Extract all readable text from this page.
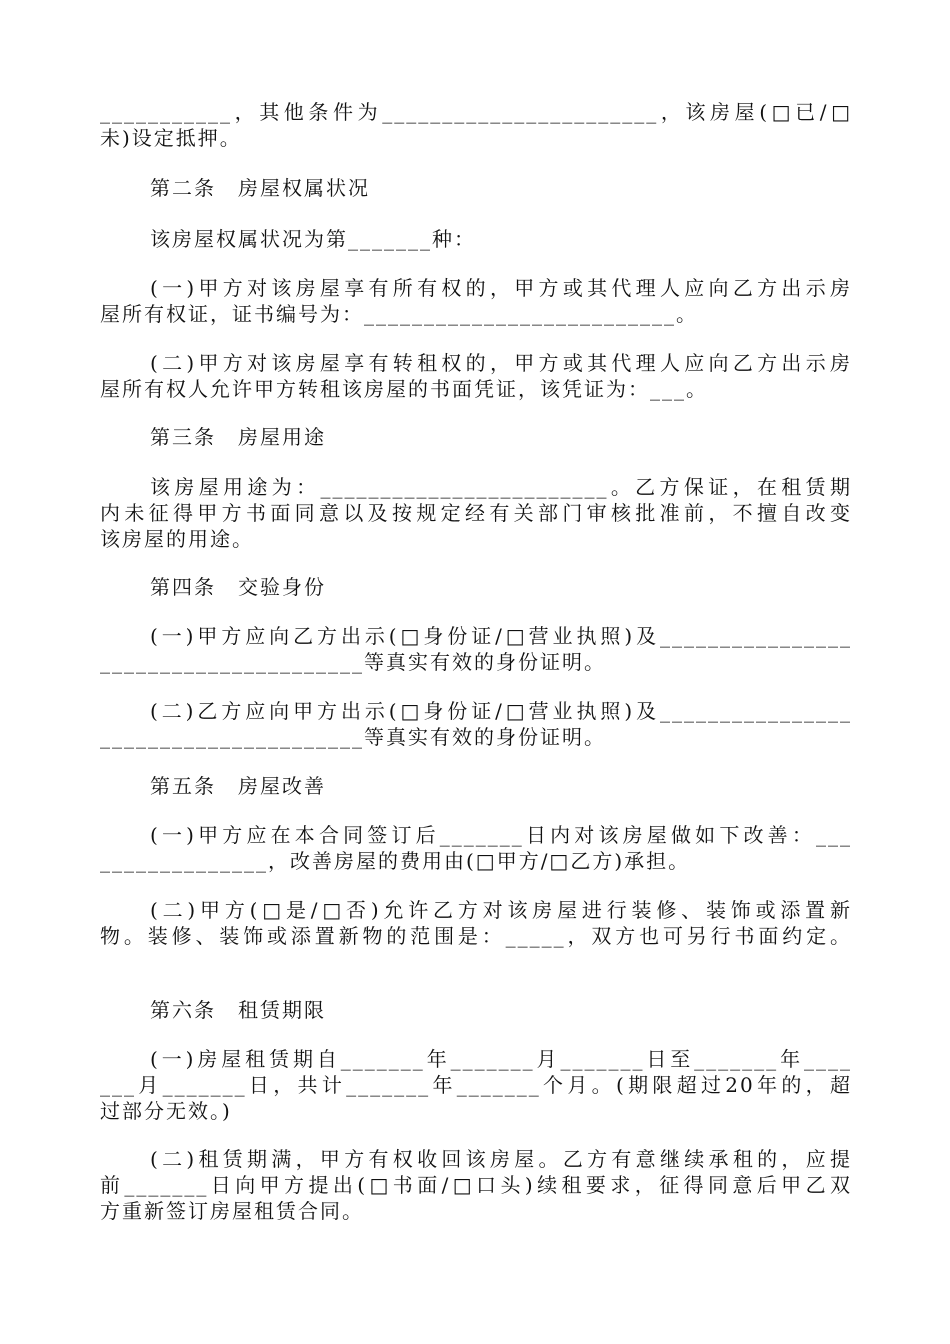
___________，其他条件为_______________________，该房屋(□已/□
未)设定抵押。
第二条　房屋权属状况
该房屋权属状况为第_______种：
(一)甲方对该房屋享有所有权的，甲方或其代理人应向乙方出示房
屋所有权证，证书编号为：__________________________。
(二)甲方对该房屋享有转租权的，甲方或其代理人应向乙方出示房
屋所有权人允许甲方转租该房屋的书面凭证，该凭证为：___。
第三条　房屋用途
该房屋用途为：________________________。乙方保证，在租赁期
内未征得甲方书面同意以及按规定经有关部门审核批准前，不擅自改变
该房屋的用途。
第四条　交验身份
(一)甲方应向乙方出示(□身份证/□营业执照)及________________
______________________等真实有效的身份证明。
(二)乙方应向甲方出示(□身份证/□营业执照)及________________
______________________等真实有效的身份证明。
第五条　房屋改善
(一)甲方应在本合同签订后_______日内对该房屋做如下改善：___
______________，改善房屋的费用由(□甲方/□乙方)承担。
(二)甲方(□是/□否)允许乙方对该房屋进行装修、装饰或添置新
物。装修、装饰或添置新物的范围是：_____，双方也可另行书面约定。
第六条　租赁期限
(一)房屋租赁期自_______年_______月_______日至_______年____
___月_______日，共计_______年_______个月。(期限超过20年的，超
过部分无效。)
(二)租赁期满，甲方有权收回该房屋。乙方有意继续承租的，应提
前_______日向甲方提出(□书面/□口头)续租要求，征得同意后甲乙双
方重新签订房屋租赁合同。
